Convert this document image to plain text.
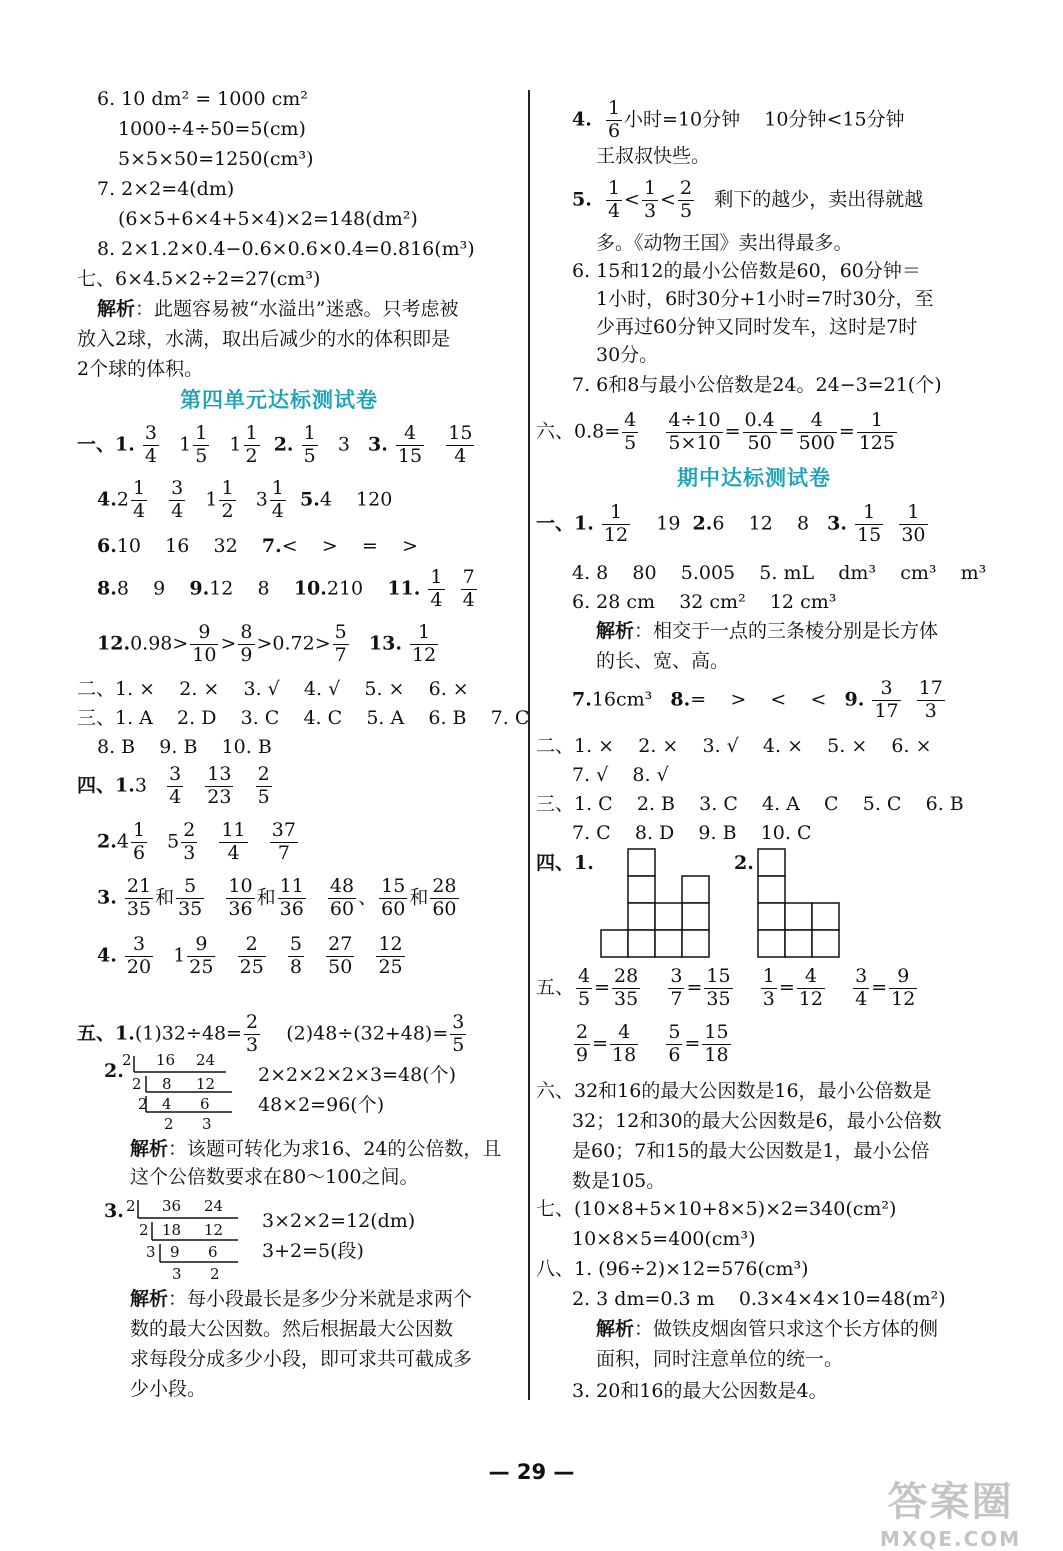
6. 10 dm² = 1000 cm²
1000÷4÷50=5(cm)
5×5×50=1250(cm³)
7. 2×2=4(dm)
(6×5+6×4+5×4)×2=148(dm²)
8. 2×1.2×0.4−0.6×0.6×0.4=0.816(m³)
七、6×4.5×2÷2=27(cm³)
解析：此题容易被“水溢出”迷惑。只考虑被
放入2球，水满，取出后减少的水的体积即是
2个球的体积。
第四单元达标测试卷
一、1. $\frac{3}{4} 1 \frac{1}{5} 1 \frac{1}{2} 2$. $\frac{1}{5} 3$ 3. $\frac{4}{15}$
$\frac{15}{4}$
$4.2 \frac{1}{4}$
$\frac{3}{4} 1 \frac{1}{2} 3 \frac{1}{4} 5.4$    120
6.10    16    32 7.<    >    =    >
8.8    9 9.12    8 10.210 11. $\frac{1}{4}$
$\frac{7}{4}$
$12.0.98> \frac{9}{10} > \frac{8}{9} >0.72> \frac{5}{7} 13$. $\frac{1}{12}$
二、1. ×    2. ×    3. √    4. √    5. ×    6. ×
三、1. A    2. D    3. C    4. C    5. A    6. B    7. C
8. B    9. B    10. B
四、$1.3 \frac{3}{4}$
$\frac{13}{23}$
$\frac{2}{5}$
$2.4 \frac{1}{6} 5 \frac{2}{3}$
$\frac{11}{4}$
$\frac{37}{7}$
3. $\frac{21}{35}$ 和 $\frac{5}{35}$
$\frac{10}{36}$ 和 $\frac{11}{36}$
$\frac{48}{60}$ 、 $\frac{15}{60}$ 和 $\frac{28}{60}$
4. $\frac{3}{20} 1 \frac{9}{25}$
$\frac{2}{25}$
$\frac{5}{8}$
$\frac{27}{50}$
$\frac{12}{25}$
五、$1.(1)32\div 48= \frac{2}{3} (2)48\div(32+48)= \frac{3}{5}$
2.
2 16 24
2 8 12
2 4 6
2 3
2×2×2×2×3=48(个)
48×2=96(个)
解析：该题可转化为求16、24的公倍数，且
这个公倍数要求在80～100之间。
3. 2 36 24
2 18 12
3 9 6
3 2
3×2×2=12(dm)
3+2=5(段)
解析：每小段最长是多少分米就是求两个
数的最大公因数。然后根据最大公因数
求每段分成多少小段，即可求共可截成多
少小段。
4. $\frac{1}{6}$ 小时=10分钟    10分钟<15分钟
王叔叔快些。
5. $\frac{1}{4} < \frac{1}{3} < \frac{2}{5}$ 剩下的越少，卖出得就越
多。《动物王国》卖出得最多。
6. 15和12的最小公倍数是60，60分钟＝
1小时，6时30分+1小时=7时30分，至
少再过60分钟又同时发车，这时是7时
30分。
7. 6和8与最小公倍数是24。24−3=21(个)
六、$0.8= \frac{4}{5}$
$\frac{4\div 10}{5\times 10} = \frac{0.4}{50} = \frac{4}{500} = \frac{1}{125}$
期中达标测试卷
一、1. $\frac{1}{12} 19$ 2.6    12    8 3. $\frac{1}{15}$
$\frac{1}{30}$
4. 8    80    5.005    5. mL    dm³    cm³    m³
6. 28 cm    32 cm²    12 cm³
解析：相交于一点的三条棱分别是长方体
的长、宽、高。
7.16cm³ 8.=    >    <    < 9. $\frac{3}{17}$
$\frac{17}{3}$
二、1. ×    2. ×    3. √    4. ×    5. ×    6. ×
7. √    8. √
三、1. C    2. B    3. C    4. A    C    5. C    6. B
7. C    8. D    9. B    10. C
四、1.	2.
五、 $\frac{4}{5} = \frac{28}{35}$
$\frac{3}{7} = \frac{15}{35}$
$\frac{1}{3} = \frac{4}{12}$
$\frac{3}{4} = \frac{9}{12}$
$\frac{2}{9} = \frac{4}{18}$
$\frac{5}{6} = \frac{15}{18}$
六、32和16的最大公因数是16，最小公倍数是
32；12和30的最大公因数是6，最小公倍数
是60；7和15的最大公因数是1，最小公倍
数是105。
七、(10×8+5×10+8×5)×2=340(cm²)
10×8×5=400(cm³)
八、1. (96÷2)×12=576(cm³)
2. 3 dm=0.3 m    0.3×4×4×10=48(m²)
解析：做铁皮烟囱管只求这个长方体的侧
面积，同时注意单位的统一。
3. 20和16的最大公因数是4。
— 29 —
答案圈
MXQE.COM
